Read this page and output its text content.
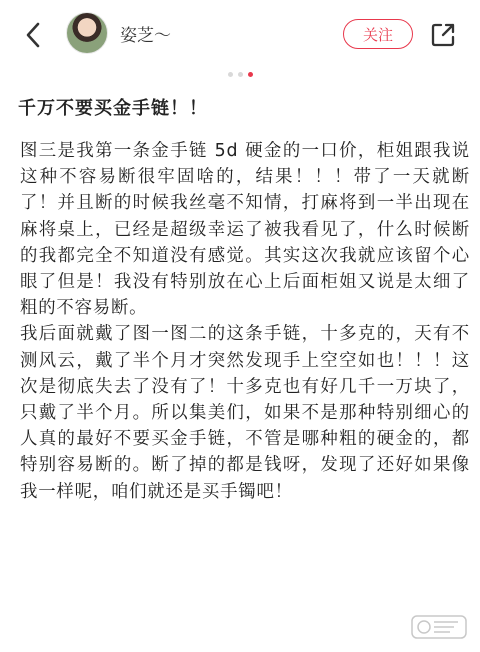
姿芝～	关注
千万不要买金手链！！

图三是我第一条金手链 5d 硬金的一口价，柜姐跟我说这种不容易断很牢固啥的，结果！！！带了一天就断了！并且断的时候我丝毫不知情，打麻将到一半出现在麻将桌上，已经是超级幸运了被我看见了，什么时候断的我都完全不知道没有感觉。其实这次我就应该留个心眼了但是！我没有特别放在心上后面柜姐又说是太细了粗的不容易断。

我后面就戴了图一图二的这条手链，十多克的，天有不测风云，戴了半个月才突然发现手上空空如也！！！这次是彻底失去了没有了！十多克也有好几千一万块了，只戴了半个月。所以集美们，如果不是那种特别细心的人真的最好不要买金手链，不管是哪种粗的硬金的，都特别容易断的。断了掉的都是钱呀，发现了还好如果像我一样呢，咱们就还是买手镯吧！
